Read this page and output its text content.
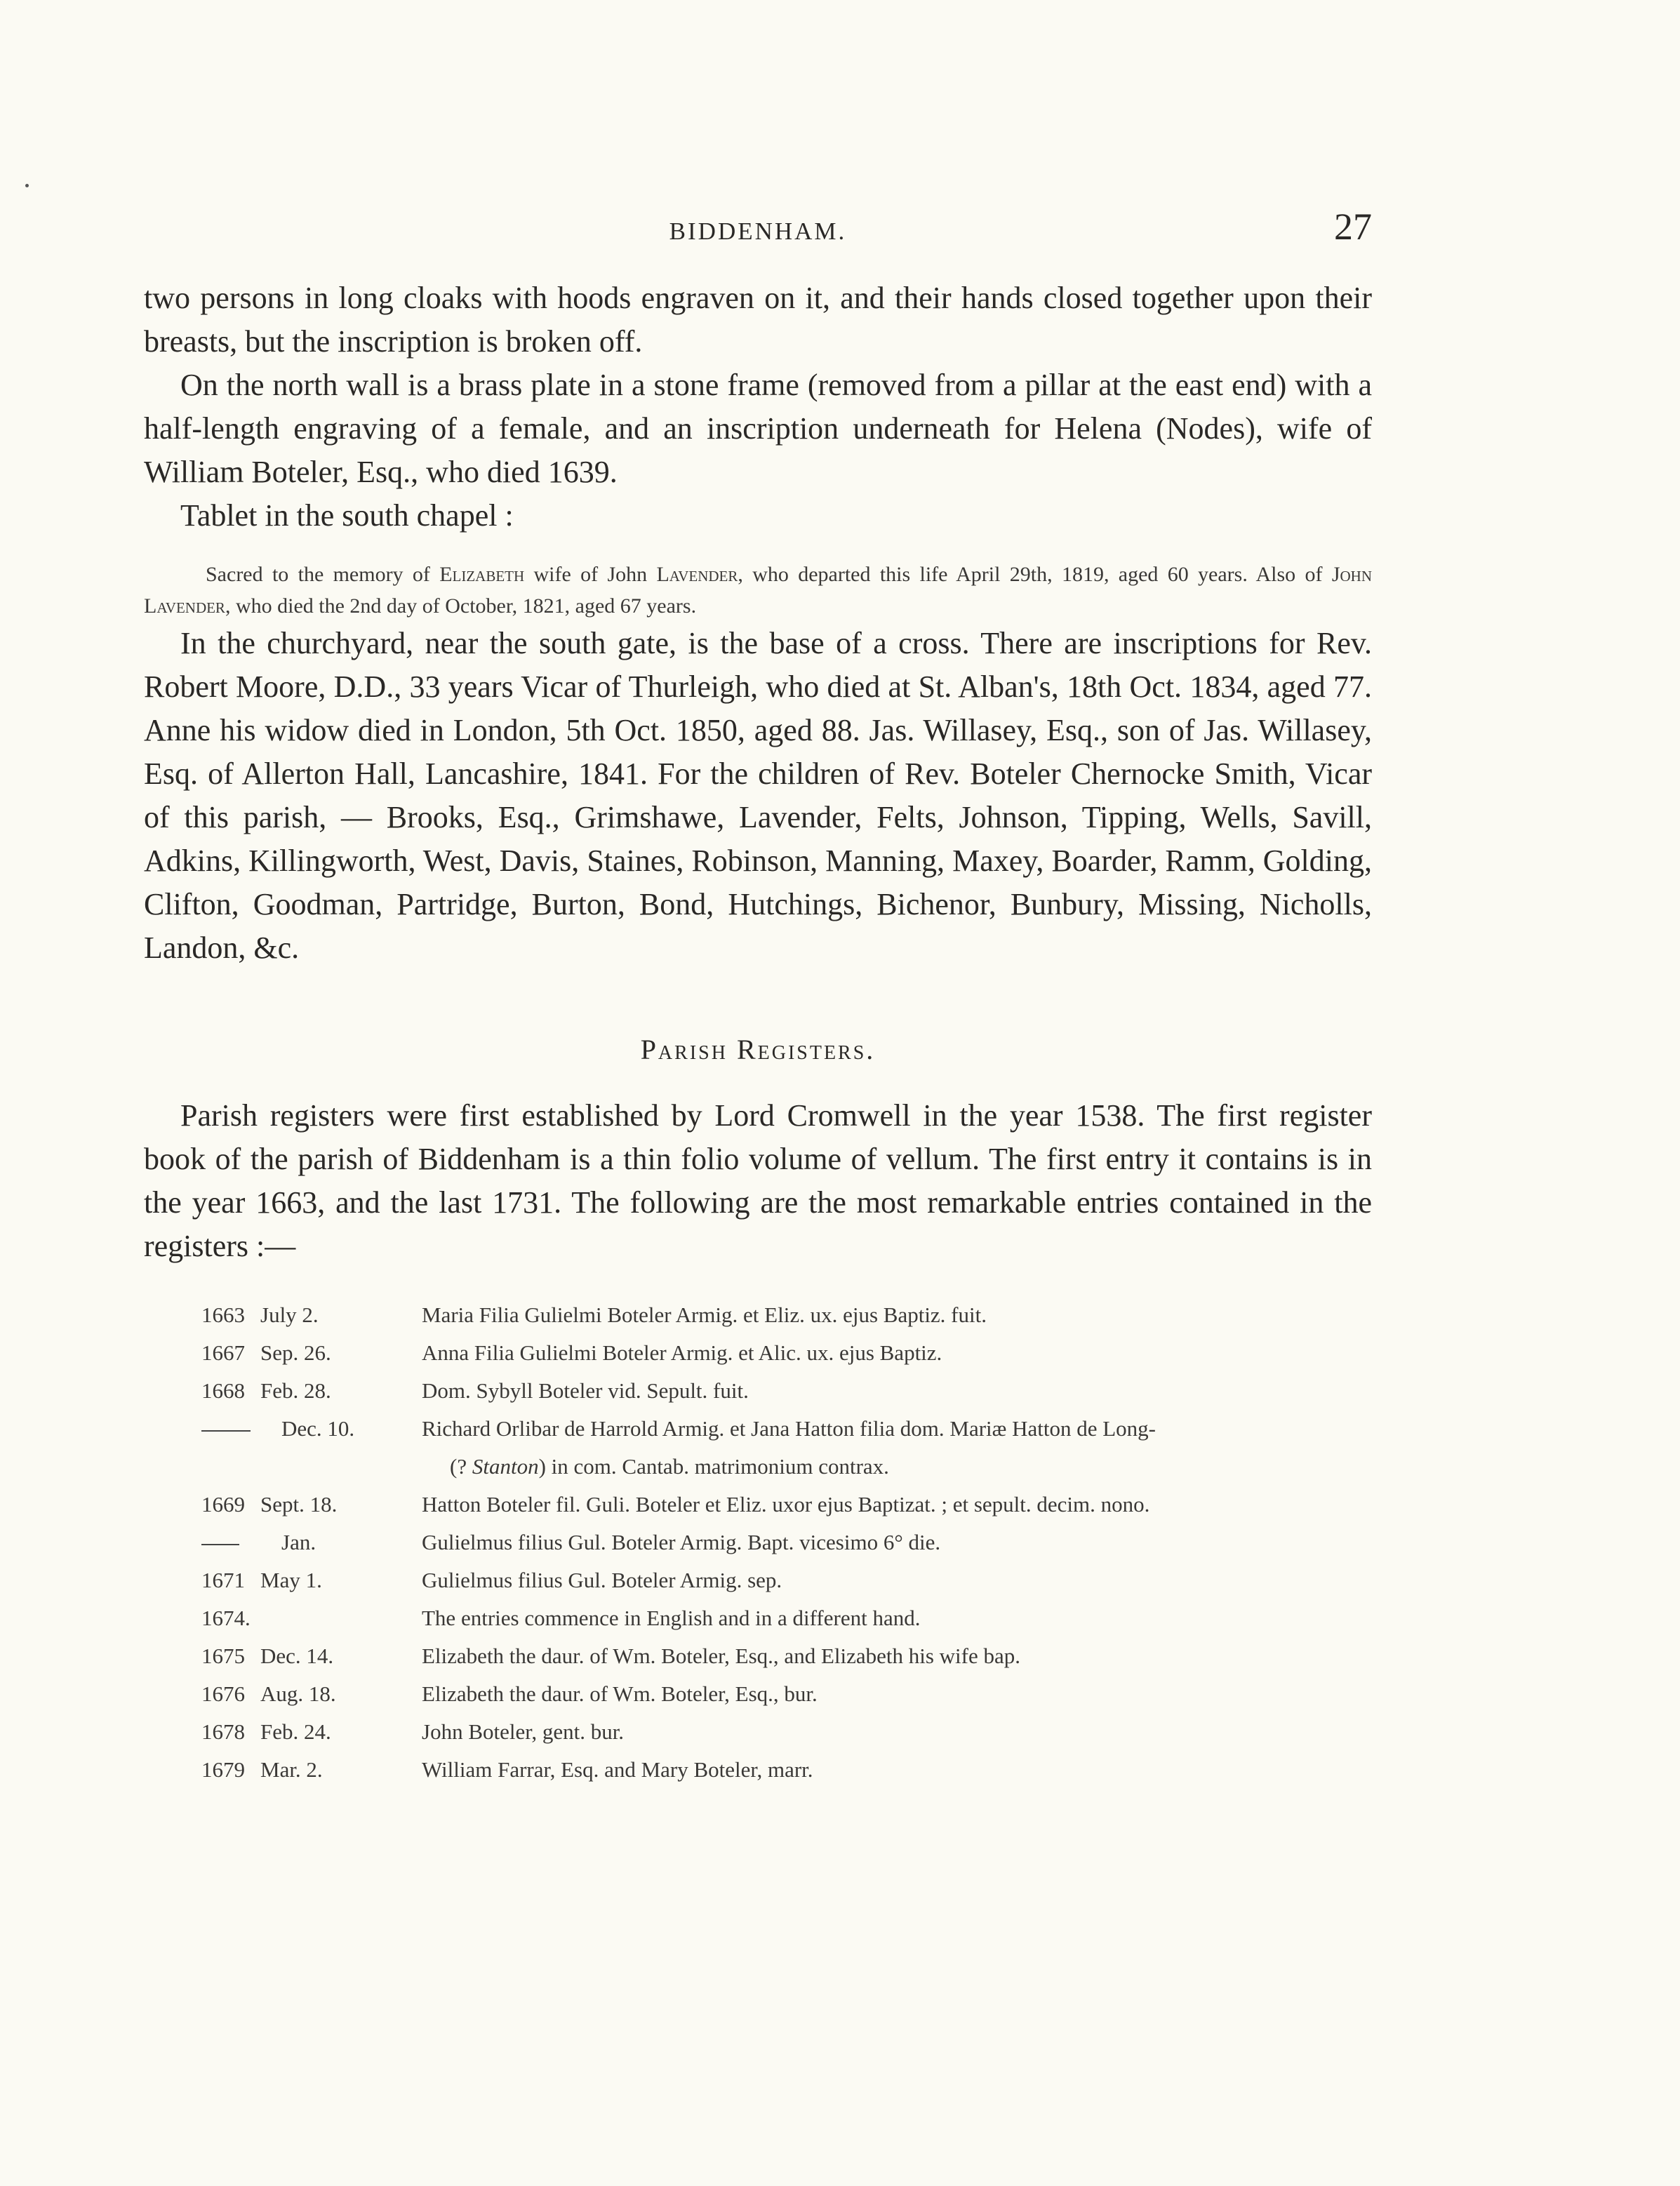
BIDDENHAM.	27

two persons in long cloaks with hoods engraven on it, and their hands closed together upon their breasts, but the inscription is broken off.

On the north wall is a brass plate in a stone frame (removed from a pillar at the east end) with a half-length engraving of a female, and an inscription underneath for Helena (Nodes), wife of William Boteler, Esq., who died 1639.

Tablet in the south chapel :

Sacred to the memory of Elizabeth wife of John Lavender, who departed this life April 29th, 1819, aged 60 years. Also of John Lavender, who died the 2nd day of October, 1821, aged 67 years.

In the churchyard, near the south gate, is the base of a cross. There are inscriptions for Rev. Robert Moore, D.D., 33 years Vicar of Thurleigh, who died at St. Alban's, 18th Oct. 1834, aged 77. Anne his widow died in London, 5th Oct. 1850, aged 88. Jas. Willasey, Esq., son of Jas. Willasey, Esq. of Allerton Hall, Lancashire, 1841. For the children of Rev. Boteler Chernocke Smith, Vicar of this parish, — Brooks, Esq., Grimshawe, Lavender, Felts, Johnson, Tipping, Wells, Savill, Adkins, Killingworth, West, Davis, Staines, Robinson, Manning, Maxey, Boarder, Ramm, Golding, Clifton, Goodman, Partridge, Burton, Bond, Hutchings, Bichenor, Bunbury, Missing, Nicholls, Landon, &c.

Parish Registers.

Parish registers were first established by Lord Cromwell in the year 1538. The first register book of the parish of Biddenham is a thin folio volume of vellum. The first entry it contains is in the year 1663, and the last 1731. The following are the most remarkable entries contained in the registers :—

1663 July 2.	Maria Filia Gulielmi Boteler Armig. et Eliz. ux. ejus Baptiz. fuit.
1667 Sep. 26.	Anna Filia Gulielmi Boteler Armig. et Alic. ux. ejus Baptiz.
1668 Feb. 28.	Dom. Sybyll Boteler vid. Sepult. fuit.
Dec. 10.	Richard Orlibar de Harrold Armig. et Jana Hatton filia dom. Mariæ Hatton de Long-
(? Stanton) in com. Cantab. matrimonium contrax.
1669 Sept. 18.	Hatton Boteler fil. Guli. Boteler et Eliz. uxor ejus Baptizat. ; et sepult. decim. nono.
Jan.	Gulielmus filius Gul. Boteler Armig. Bapt. vicesimo 6° die.
1671 May 1.	Gulielmus filius Gul. Boteler Armig. sep.
1674.	The entries commence in English and in a different hand.
1675 Dec. 14.	Elizabeth the daur. of Wm. Boteler, Esq., and Elizabeth his wife bap.
1676 Aug. 18.	Elizabeth the daur. of Wm. Boteler, Esq., bur.
1678 Feb. 24.	John Boteler, gent. bur.
1679 Mar. 2.	William Farrar, Esq. and Mary Boteler, marr.
